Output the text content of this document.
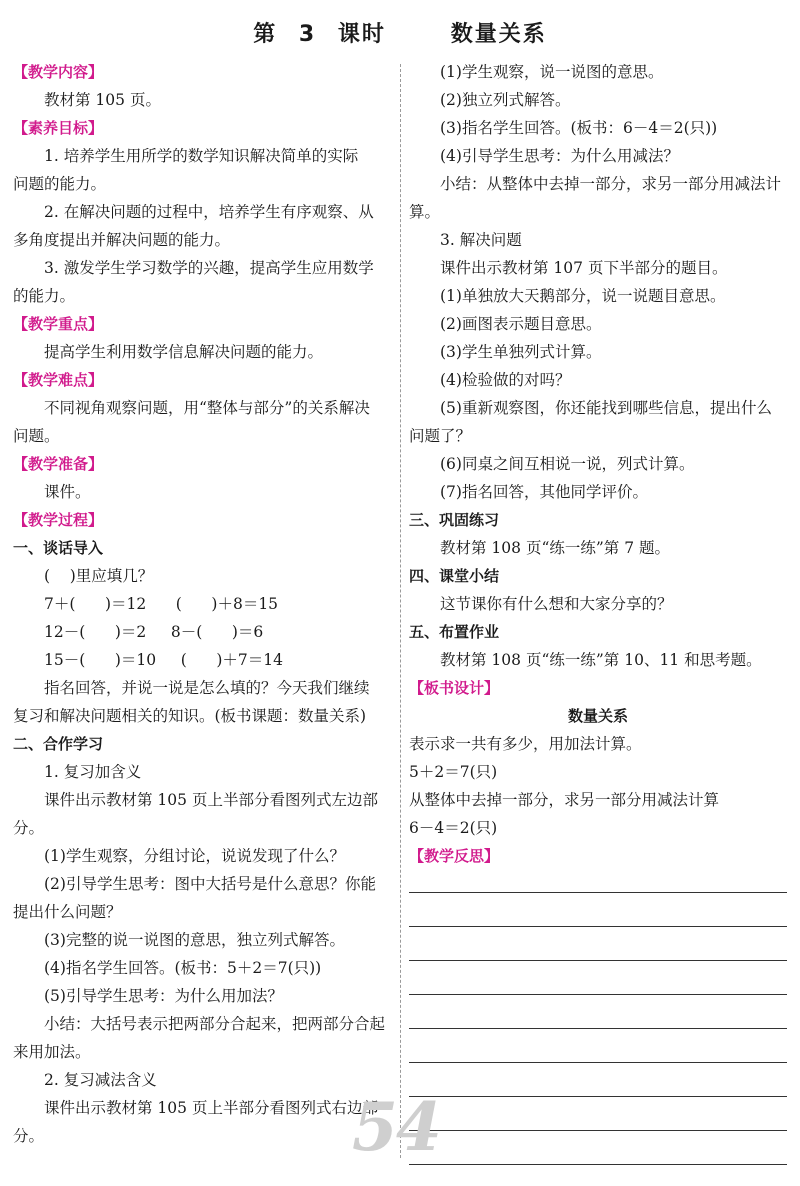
第 3 课时   数量关系
【教学内容】
教材第 105 页。
【素养目标】
1. 培养学生用所学的数学知识解决简单的实际
问题的能力。
2. 在解决问题的过程中，培养学生有序观察、从
多角度提出并解决问题的能力。
3. 激发学生学习数学的兴趣，提高学生应用数学
的能力。
【教学重点】
提高学生利用数学信息解决问题的能力。
【教学难点】
不同视角观察问题，用“整体与部分”的关系解决
问题。
【教学准备】
课件。
【教学过程】
一、谈话导入
(    )里应填几？
7＋(      )＝12      (      )＋8＝15
12－(      )＝2     8－(      )＝6
15－(      )＝10     (      )＋7＝14
指名回答，并说一说是怎么填的？今天我们继续
复习和解决问题相关的知识。(板书课题：数量关系)
二、合作学习
1. 复习加含义
课件出示教材第 105 页上半部分看图列式左边部
分。
(1)学生观察，分组讨论，说说发现了什么？
(2)引导学生思考：图中大括号是什么意思？你能
提出什么问题？
(3)完整的说一说图的意思，独立列式解答。
(4)指名学生回答。(板书：5＋2＝7(只))
(5)引导学生思考：为什么用加法？
小结：大括号表示把两部分合起来，把两部分合起
来用加法。
2. 复习减法含义
课件出示教材第 105 页上半部分看图列式右边部
分。
(1)学生观察，说一说图的意思。
(2)独立列式解答。
(3)指名学生回答。(板书：6－4＝2(只))
(4)引导学生思考：为什么用减法？
小结：从整体中去掉一部分，求另一部分用减法计
算。
3. 解决问题
课件出示教材第 107 页下半部分的题目。
(1)单独放大天鹅部分，说一说题目意思。
(2)画图表示题目意思。
(3)学生单独列式计算。
(4)检验做的对吗？
(5)重新观察图，你还能找到哪些信息，提出什么
问题了？
(6)同桌之间互相说一说，列式计算。
(7)指名回答，其他同学评价。
三、巩固练习
教材第 108 页“练一练”第 7 题。
四、课堂小结
这节课你有什么想和大家分享的？
五、布置作业
教材第 108 页“练一练”第 10、11 和思考题。
【板书设计】
数量关系
表示求一共有多少，用加法计算。
5＋2＝7(只)
从整体中去掉一部分，求另一部分用减法计算
6－4＝2(只)
【教学反思】
54
